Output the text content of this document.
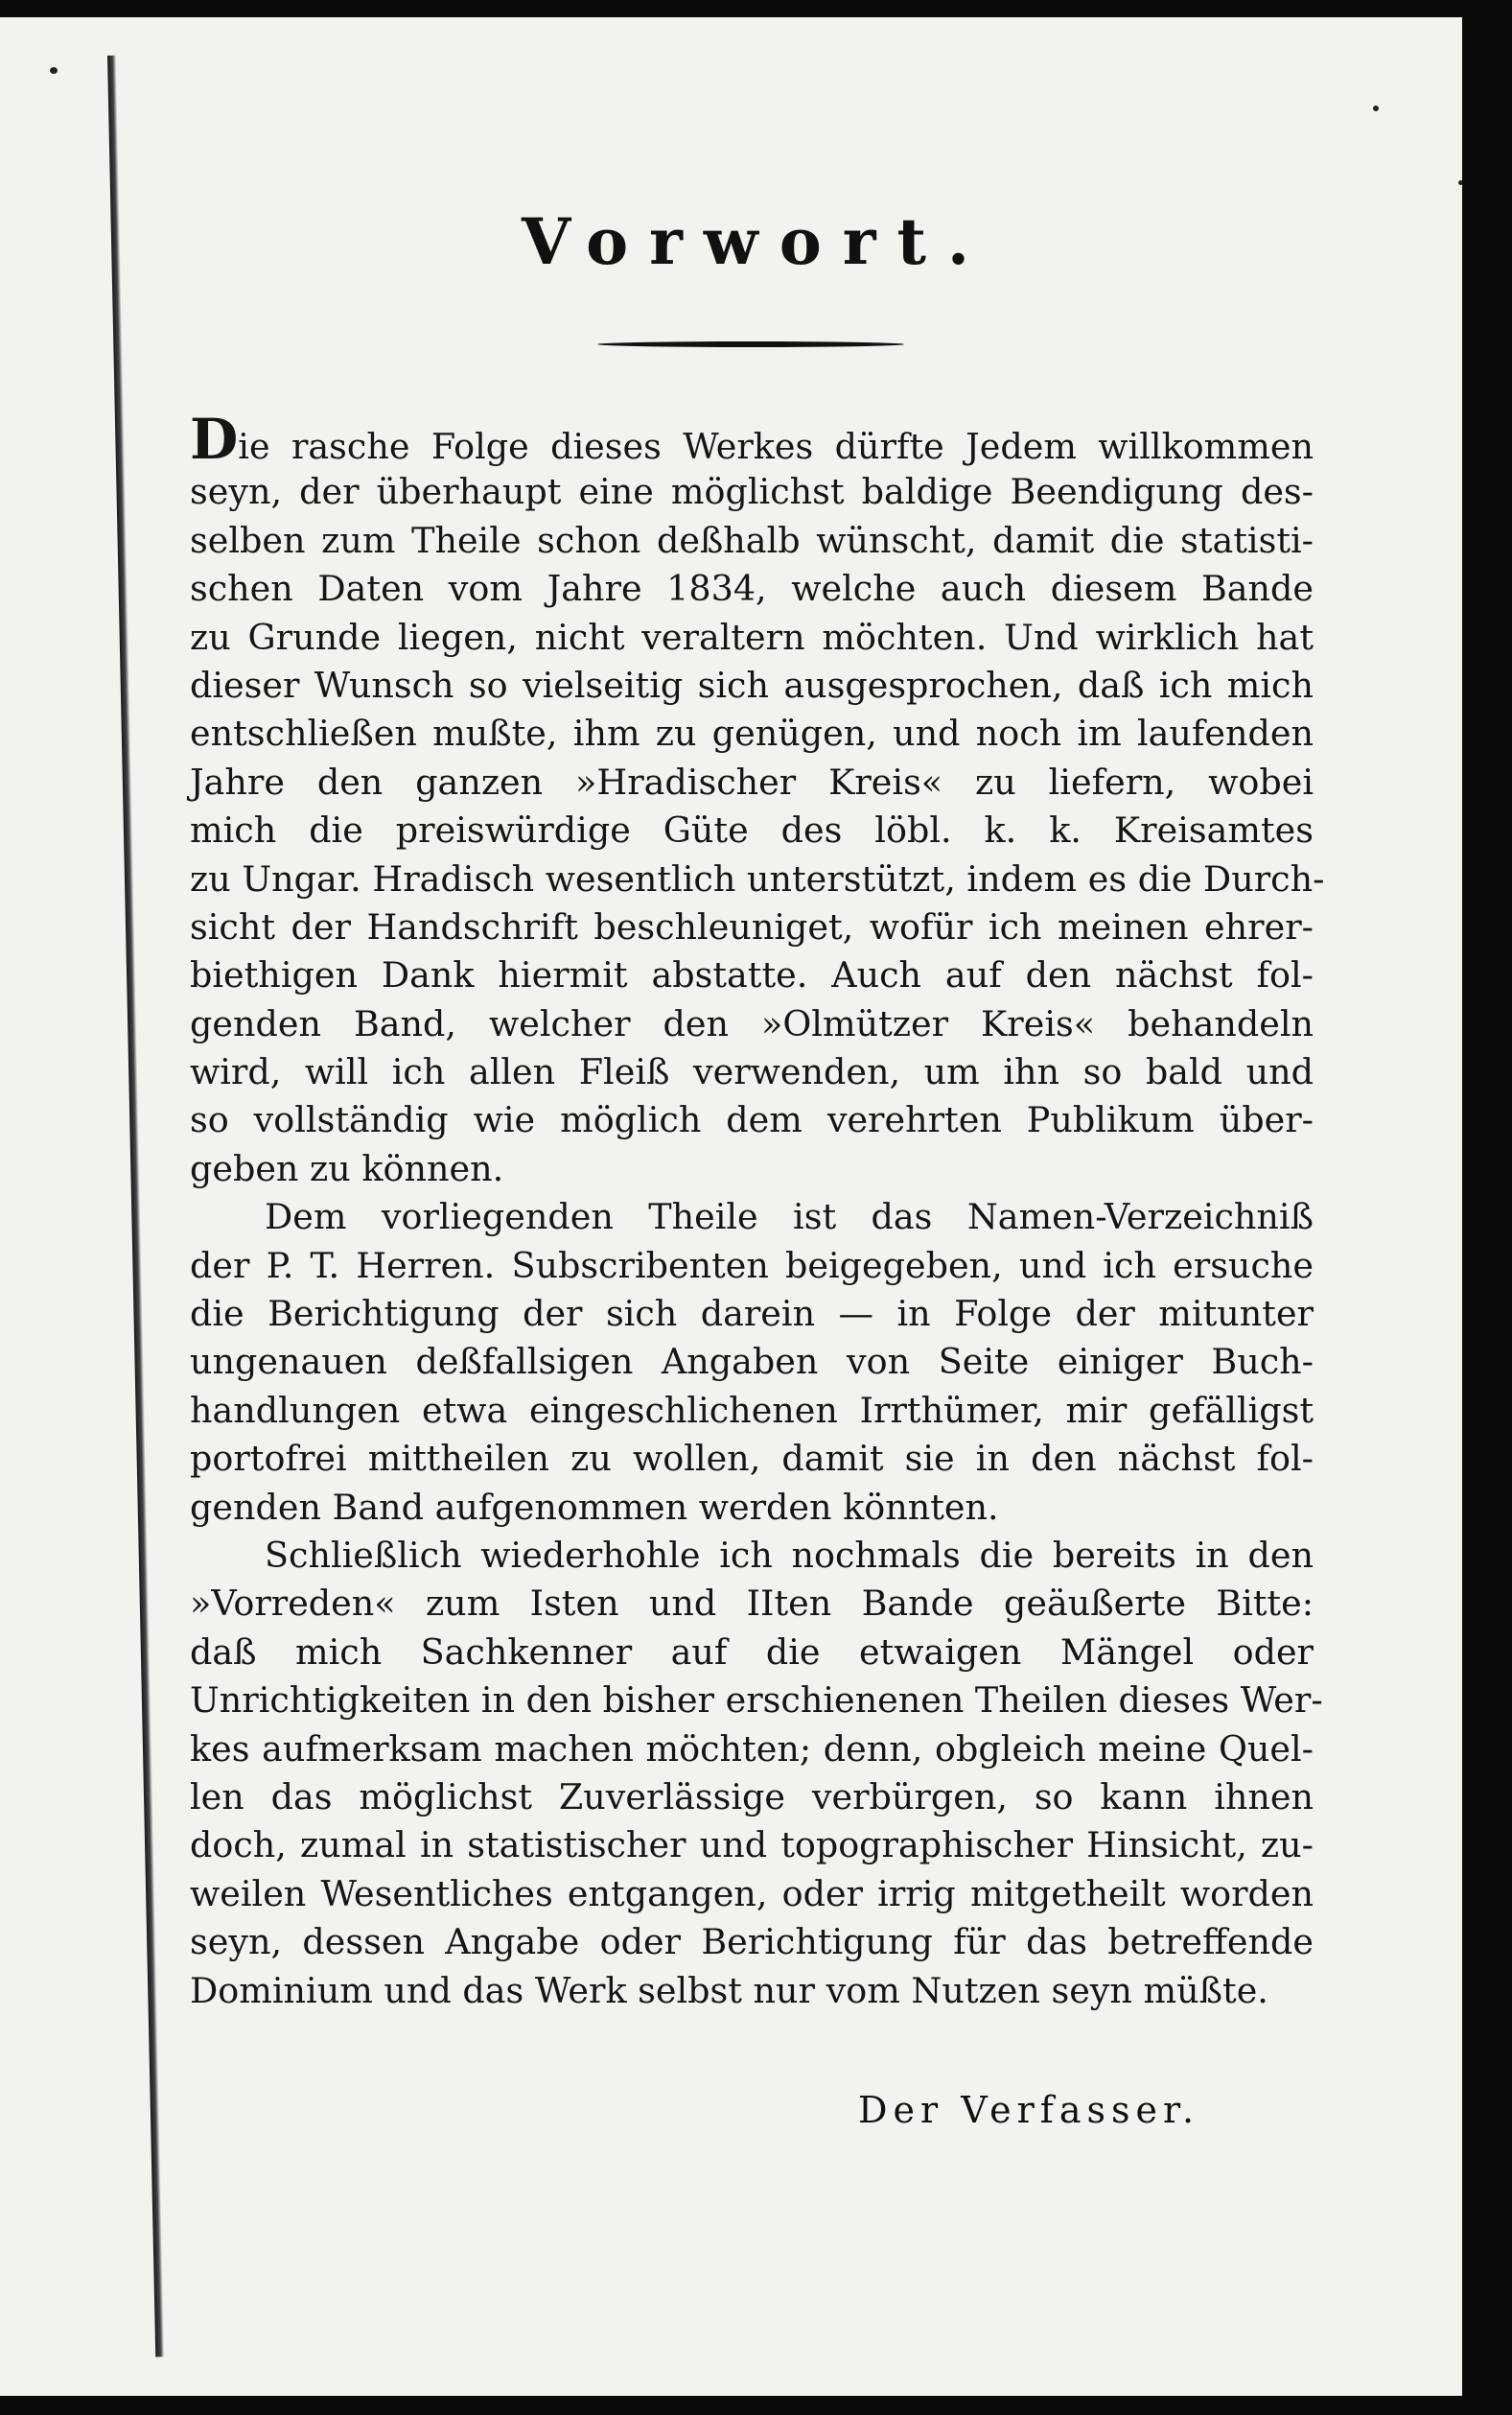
Vorwort.
Die rasche Folge dieses Werkes dürfte Jedem willkommen
seyn, der überhaupt eine möglichst baldige Beendigung des-
selben zum Theile schon deßhalb wünscht, damit die statisti-
schen Daten vom Jahre 1834, welche auch diesem Bande
zu Grunde liegen, nicht veraltern möchten. Und wirklich hat
dieser Wunsch so vielseitig sich ausgesprochen, daß ich mich
entschließen mußte, ihm zu genügen, und noch im laufenden
Jahre den ganzen »Hradischer Kreis« zu liefern, wobei
mich die preiswürdige Güte des löbl. k. k. Kreisamtes
zu Ungar. Hradisch wesentlich unterstützt, indem es die Durch-
sicht der Handschrift beschleuniget, wofür ich meinen ehrer-
biethigen Dank hiermit abstatte. Auch auf den nächst fol-
genden Band, welcher den »Olmützer Kreis« behandeln
wird, will ich allen Fleiß verwenden, um ihn so bald und
so vollständig wie möglich dem verehrten Publikum über-
geben zu können.
Dem vorliegenden Theile ist das Namen-Verzeichniß
der P. T. Herren. Subscribenten beigegeben, und ich ersuche
die Berichtigung der sich darein — in Folge der mitunter
ungenauen deßfallsigen Angaben von Seite einiger Buch-
handlungen etwa eingeschlichenen Irrthümer, mir gefälligst
portofrei mittheilen zu wollen, damit sie in den nächst fol-
genden Band aufgenommen werden könnten.
Schließlich wiederhohle ich nochmals die bereits in den
»Vorreden« zum Isten und IIten Bande geäußerte Bitte:
daß mich Sachkenner auf die etwaigen Mängel oder
Unrichtigkeiten in den bisher erschienenen Theilen dieses Wer-
kes aufmerksam machen möchten; denn, obgleich meine Quel-
len das möglichst Zuverlässige verbürgen, so kann ihnen
doch, zumal in statistischer und topographischer Hinsicht, zu-
weilen Wesentliches entgangen, oder irrig mitgetheilt worden
seyn, dessen Angabe oder Berichtigung für das betreffende
Dominium und das Werk selbst nur vom Nutzen seyn müßte.
Der Verfasser.
